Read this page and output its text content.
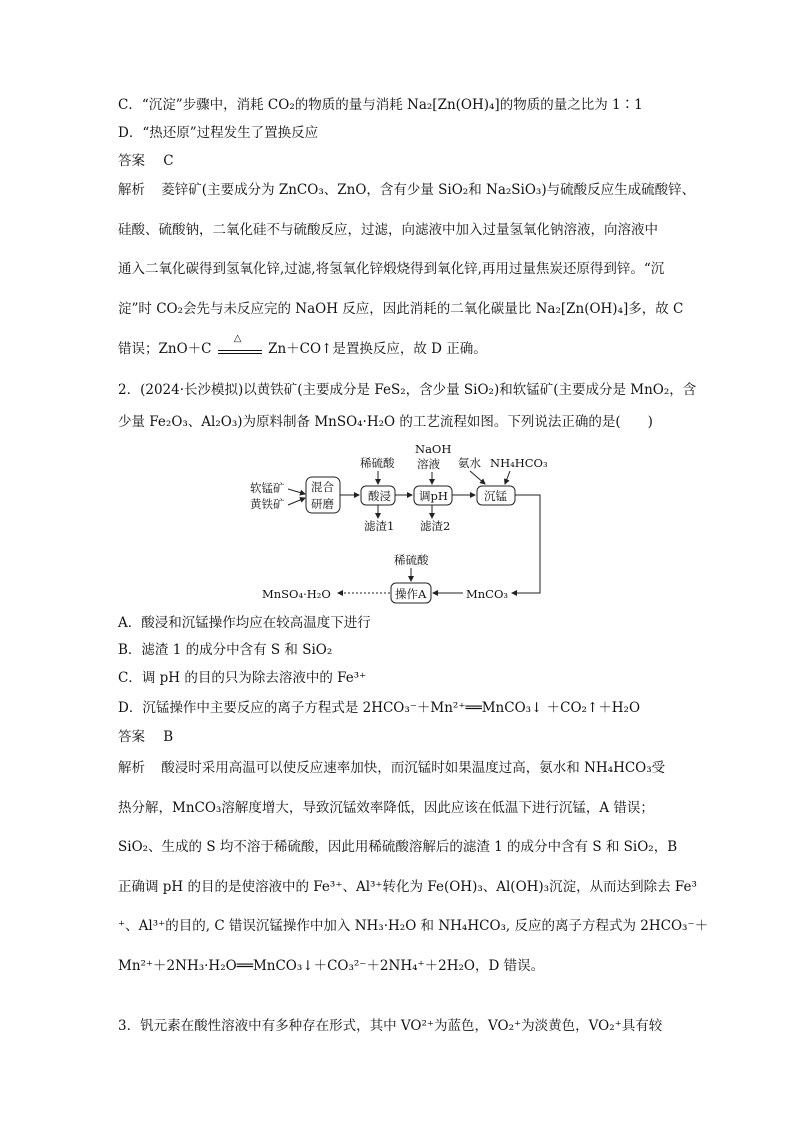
C．“沉淀”步骤中，消耗 CO₂的物质的量与消耗 Na₂[Zn(OH)₄]的物质的量之比为 1∶1
D．“热还原”过程发生了置换反应
答案 C
解析 菱锌矿(主要成分为 ZnCO₃、ZnO，含有少量 SiO₂和 Na₂SiO₃)与硫酸反应生成硫酸锌、
硅酸、硫酸钠，二氧化硅不与硫酸反应，过滤，向滤液中加入过量氢氧化钠溶液，向溶液中
通入二氧化碳得到氢氧化锌,过滤,将氢氧化锌煅烧得到氧化锌,再用过量焦炭还原得到锌。“沉
淀”时 CO₂会先与未反应完的 NaOH 反应，因此消耗的二氧化碳量比 Na₂[Zn(OH)₄]多，故 C
错误；ZnO＋C
△
Zn＋CO↑是置换反应，故 D 正确。
2．(2024·长沙模拟)以黄铁矿(主要成分是 FeS₂，含少量 SiO₂)和软锰矿(主要成分是 MnO₂，含
少量 Fe₂O₃、Al₂O₃)为原料制备 MnSO₄·H₂O 的工艺流程如图。下列说法正确的是(　　)
软锰矿
黄铁矿
混合
研磨
稀硫酸
酸浸
滤渣1
NaOH
溶液
调pH
滤渣2
氨水 NH₄HCO₃
沉锰
稀硫酸
操作A	MnCO₃
MnSO₄·H₂O
A．酸浸和沉锰操作均应在较高温度下进行
B．滤渣 1 的成分中含有 S 和 SiO₂
C．调 pH 的目的只为除去溶液中的 Fe³⁺
D．沉锰操作中主要反应的离子方程式是 2HCO₃⁻＋Mn²⁺══MnCO₃↓ ＋CO₂↑＋H₂O
答案 B
解析 酸浸时采用高温可以使反应速率加快，而沉锰时如果温度过高，氨水和 NH₄HCO₃受
热分解，MnCO₃溶解度增大，导致沉锰效率降低，因此应该在低温下进行沉锰，A 错误；
SiO₂、生成的 S 均不溶于稀硫酸，因此用稀硫酸溶解后的滤渣 1 的成分中含有 S 和 SiO₂，B
正确调 pH 的目的是使溶液中的 Fe³⁺、Al³⁺转化为 Fe(OH)₃、Al(OH)₃沉淀，从而达到除去 Fe³
⁺、Al³⁺的目的, C 错误沉锰操作中加入 NH₃·H₂O 和 NH₄HCO₃, 反应的离子方程式为 2HCO₃⁻＋
Mn²⁺＋2NH₃·H₂O══MnCO₃↓＋CO₃²⁻＋2NH₄⁺＋2H₂O，D 错误。
3．钒元素在酸性溶液中有多种存在形式，其中 VO²⁺为蓝色，VO₂⁺为淡黄色，VO₂⁺具有较
